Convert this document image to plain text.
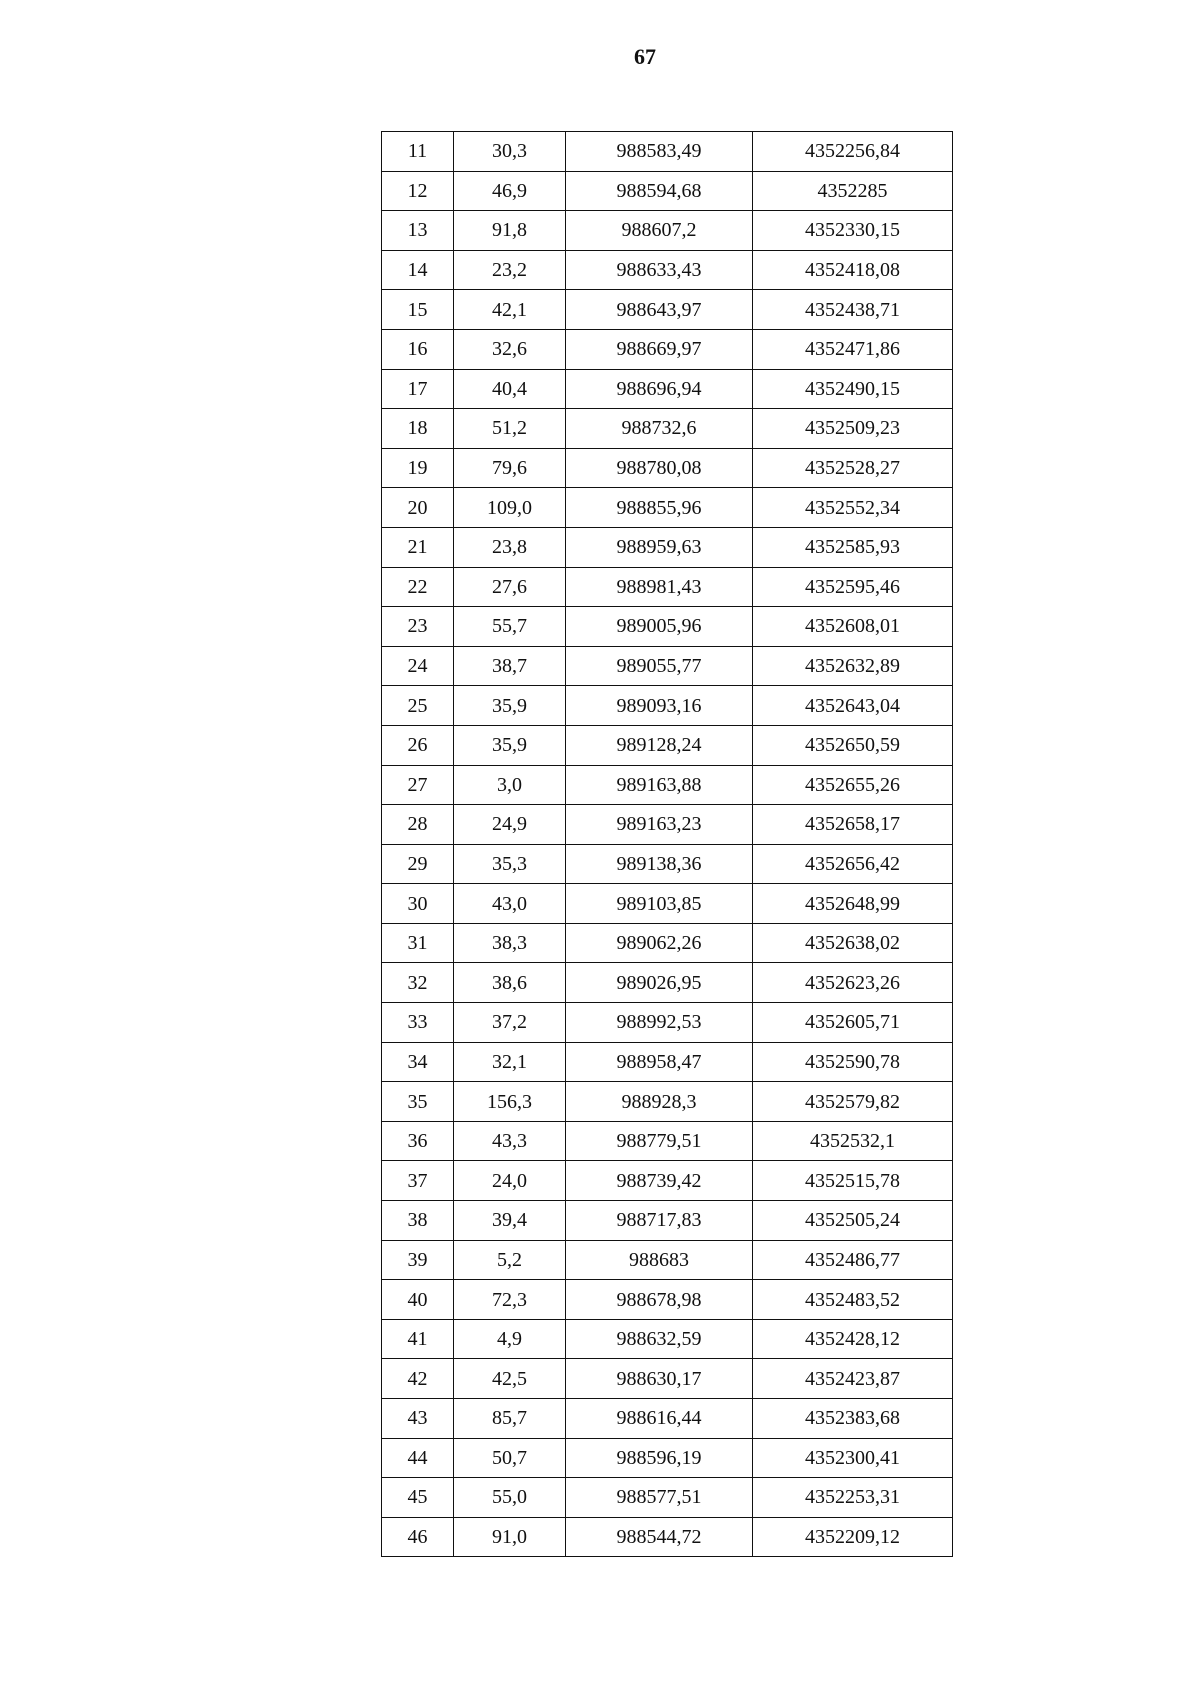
67
11	30,3	988583,49	4352256,84
12	46,9	988594,68	4352285
13	91,8	988607,2	4352330,15
14	23,2	988633,43	4352418,08
15	42,1	988643,97	4352438,71
16	32,6	988669,97	4352471,86
17	40,4	988696,94	4352490,15
18	51,2	988732,6	4352509,23
19	79,6	988780,08	4352528,27
20	109,0	988855,96	4352552,34
21	23,8	988959,63	4352585,93
22	27,6	988981,43	4352595,46
23	55,7	989005,96	4352608,01
24	38,7	989055,77	4352632,89
25	35,9	989093,16	4352643,04
26	35,9	989128,24	4352650,59
27	3,0	989163,88	4352655,26
28	24,9	989163,23	4352658,17
29	35,3	989138,36	4352656,42
30	43,0	989103,85	4352648,99
31	38,3	989062,26	4352638,02
32	38,6	989026,95	4352623,26
33	37,2	988992,53	4352605,71
34	32,1	988958,47	4352590,78
35	156,3	988928,3	4352579,82
36	43,3	988779,51	4352532,1
37	24,0	988739,42	4352515,78
38	39,4	988717,83	4352505,24
39	5,2	988683	4352486,77
40	72,3	988678,98	4352483,52
41	4,9	988632,59	4352428,12
42	42,5	988630,17	4352423,87
43	85,7	988616,44	4352383,68
44	50,7	988596,19	4352300,41
45	55,0	988577,51	4352253,31
46	91,0	988544,72	4352209,12
